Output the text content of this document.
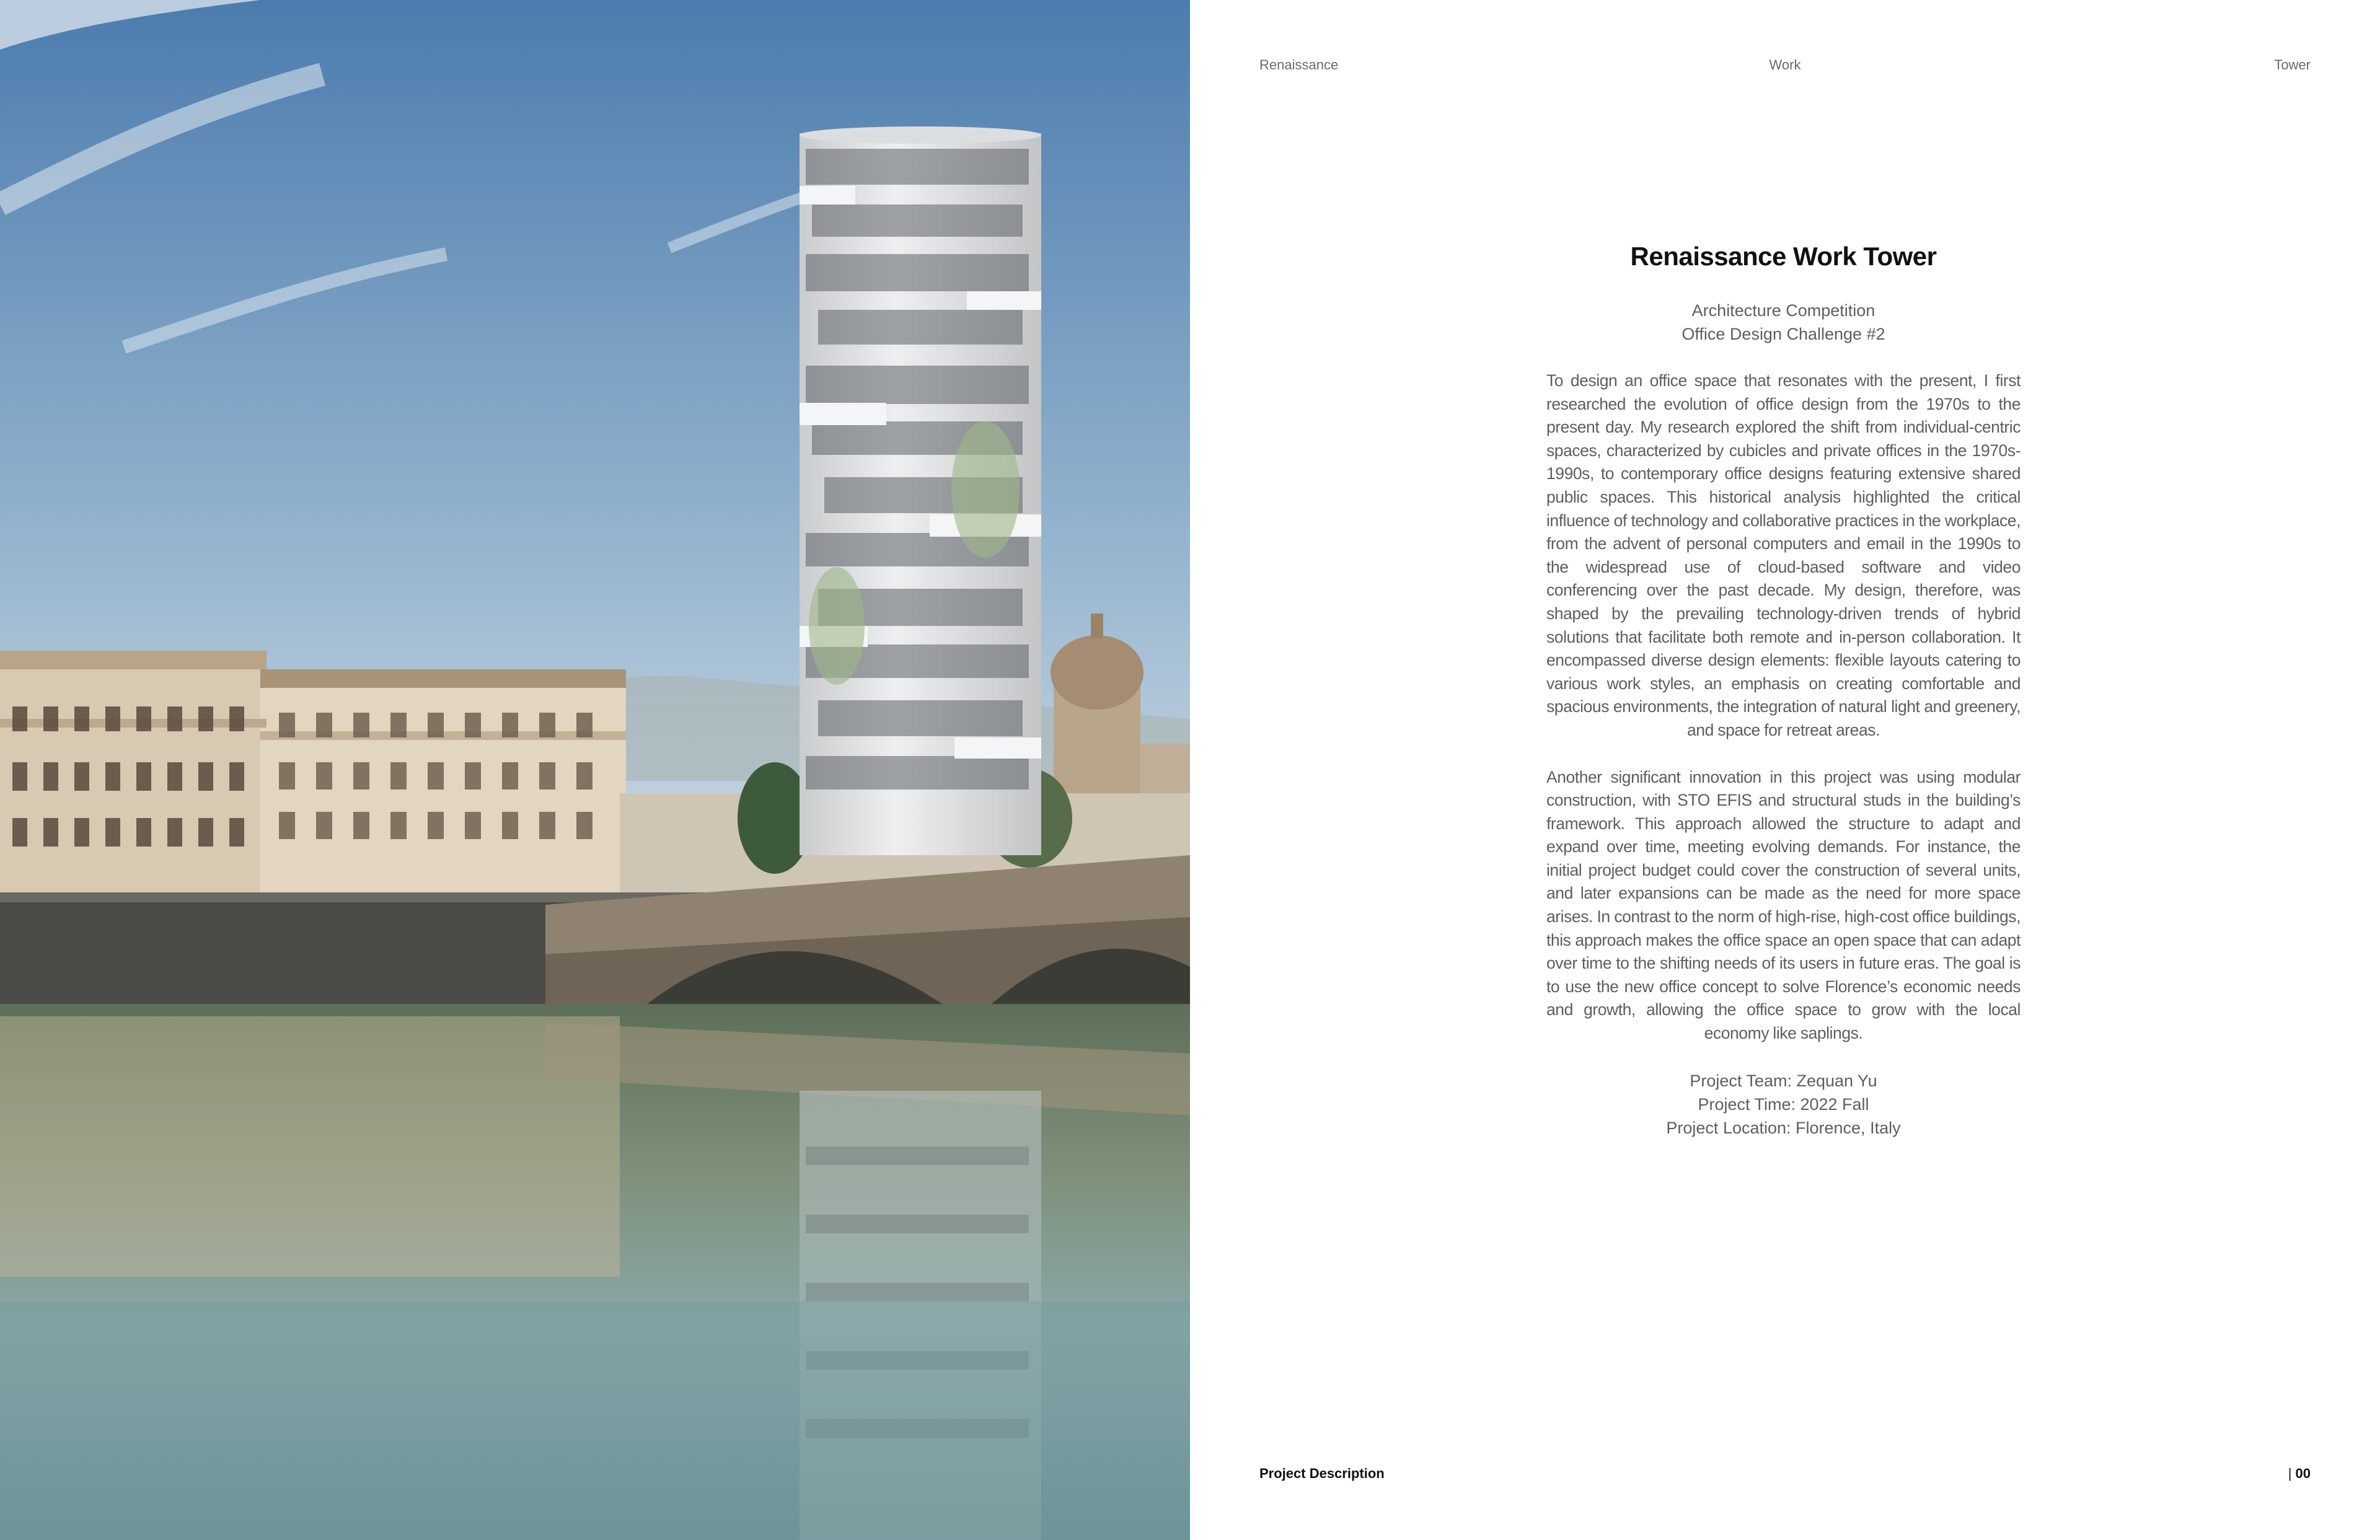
Renaissance	Work	Tower
Renaissance Work Tower
Architecture Competition
Office Design Challenge #2

To design an office space that resonates with the present, I first researched the evolution of office design from the 1970s to the present day. My research explored the shift from individual-centric spaces, characterized by cubicles and private offices in the 1970s-1990s, to contemporary office designs featuring extensive shared public spaces. This historical analysis highlighted the critical influence of technology and collaborative practices in the workplace, from the advent of personal computers and email in the 1990s to the widespread use of cloud-based software and video conferencing over the past decade. My design, therefore, was shaped by the prevailing technology-driven trends of hybrid solutions that facilitate both remote and in-person collaboration. It encompassed diverse design elements: flexible layouts catering to various work styles, an emphasis on creating comfortable and spacious environments, the integration of natural light and greenery, and space for retreat areas.

Another significant innovation in this project was using modular construction, with STO EFIS and structural studs in the building’s framework. This approach allowed the structure to adapt and expand over time, meeting evolving demands. For instance, the initial project budget could cover the construction of several units, and later expansions can be made as the need for more space arises. In contrast to the norm of high-rise, high-cost office buildings, this approach makes the office space an open space that can adapt over time to the shifting needs of its users in future eras. The goal is to use the new office concept to solve Florence’s economic needs and growth, allowing the office space to grow with the local economy like saplings.

Project Team: Zequan Yu
Project Time: 2022 Fall
Project Location: Florence, Italy
Project Description	| 00
